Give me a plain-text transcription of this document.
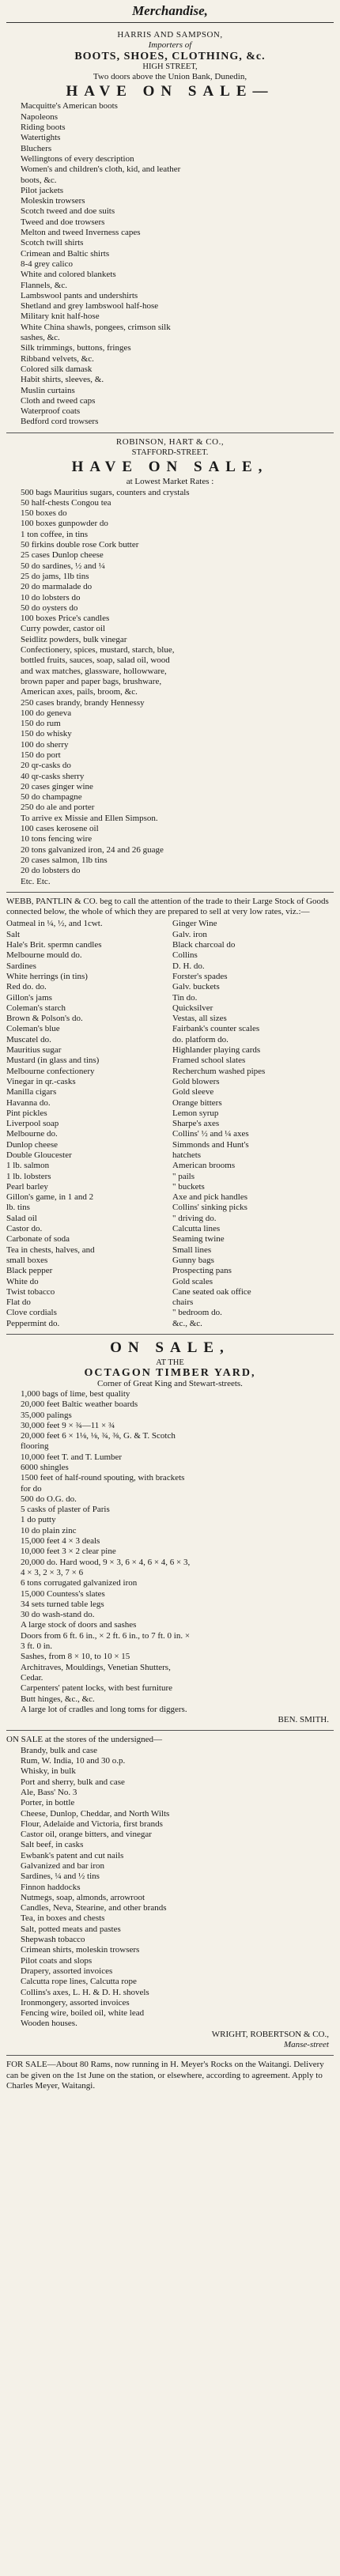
Merchandise,
HARRIS AND SAMPSON,
Importers of
BOOTS, SHOES, CLOTHING, &c.
HIGH STREET,
Two doors above the Union Bank, Dunedin,
HAVE ON SALE—
Macquitte's American boots
Napoleons
Riding boots
Watertights
Bluchers
Wellingtons of every description
Women's and children's cloth, kid, and leather
boots, &c.
Pilot jackets
Moleskin trowsers
Scotch tweed and doe suits
Tweed and doe trowsers
Melton and tweed Inverness capes
Scotch twill shirts
Crimean and Baltic shirts
8-4 grey calico
White and colored blankets
Flannels, &c.
Lambswool pants and undershirts
Shetland and grey lambswool half-hose
Military knit half-hose
White China shawls, pongees, crimson silk
sashes, &c.
Silk trimmings, buttons, fringes
Ribband velvets, &c.
Colored silk damask
Habit shirts, sleeves, &.
Muslin curtains
Cloth and tweed caps
Waterproof coats
Bedford cord trowsers
ROBINSON, HART & CO.,
STAFFORD-STREET.
HAVE ON SALE,
at Lowest Market Rates :
500 bags Mauritius sugars, counters and crystals
50 half-chests Congou tea
150 boxes do
100 boxes gunpowder do
1 ton coffee, in tins
50 firkins double rose Cork butter
25 cases Dunlop cheese
50 do sardines, ½ and ¼
25 do jams, 1lb tins
20 do marmalade do
10 do lobsters do
50 do oysters do
100 boxes Price's candles
Curry powder, castor oil
Seidlitz powders, bulk vinegar
Confectionery, spices, mustard, starch, blue,
bottled fruits, sauces, soap, salad oil, wood
and wax matches, glassware, hollowware,
brown paper and paper bags, brushware,
American axes, pails, broom, &c.
250 cases brandy, brandy Hennessy
100 do geneva
150 do rum
150 do whisky
100 do sherry
150 do port
20 qr-casks do
40 qr-casks sherry
20 cases ginger wine
50 do champagne
250 do ale and porter
To arrive ex Missie and Ellen Simpson.
100 cases kerosene oil
10 tons fencing wire
20 tons galvanized iron, 24 and 26 guage
20 cases salmon, 1lb tins
20 do lobsters do
Etc. Etc.

WEBB, PANTLIN & CO. beg to call the attention of the trade to their Large Stock of Goods connected below, the whole of which they are prepared to sell at very low rates, viz.:—

Oatmeal in ¼, ½, and 1cwt.	Ginger Wine
Salt	Galv. iron
Hale's Brit. spermn candles	Black charcoal do
Melbourne mould do.	Collins
Sardines	D. H. do.
White herrings (in tins)	Forster's spades
Red do. do.	Galv. buckets
Gillon's jams	Tin do.
Coleman's starch	Quicksilver
Brown & Polson's do.	Vestas, all sizes
Coleman's blue	Fairbank's counter scales
Muscatel do.	do. platform do.
Mauritius sugar	Highlander playing cards
Mustard (in glass and tins)	Framed school slates
Melbourne confectionery	Recherchum washed pipes
Vinegar in qr.-casks	Gold blowers
Manilla cigars	Gold sleeve
Havanna do.	Orange bitters
Pint pickles	Lemon syrup
Liverpool soap	Sharpe's axes
Melbourne do.	Collins' ½ and ¼ axes
Dunlop cheese	Simmonds and Hunt's
Double Gloucester	hatchets
1 lb. salmon	American brooms
1 lb. lobsters	" pails
Pearl barley	" buckets
Gillon's game, in 1 and 2	Axe and pick handles
lb. tins	Collins' sinking picks
Salad oil	" driving do.
Castor do.	Calcutta lines
Carbonate of soda	Seaming twine
Tea in chests, halves, and	Small lines
small boxes	Gunny bags
Black pepper	Prospecting pans
White do	Gold scales
Twist tobacco	Cane seated oak office
Flat do	chairs
Clove cordials	" bedroom do.
Peppermint do.	&c., &c.
ON SALE,
AT THE
OCTAGON TIMBER YARD,
Corner of Great King and Stewart-streets.
1,000 bags of lime, best quality
20,000 feet Baltic weather boards
35,000 palings
30,000 feet 9 × ¾—11 × ¾
20,000 feet 6 × 1⅛, ⅛, ¾, ⅜, G. & T. Scotch
flooring
10,000 feet T. and T. Lumber
6000 shingles
1500 feet of half-round spouting, with brackets
for do
500 do O.G. do.
5 casks of plaster of Paris
1 do putty
10 do plain zinc
15,000 feet 4 × 3 deals
10,000 feet 3 × 2 clear pine
20,000 do. Hard wood, 9 × 3, 6 × 4, 6 × 4, 6 × 3,
4 × 3, 2 × 3, 7 × 6
6 tons corrugated galvanized iron
15,000 Countess's slates
34 sets turned table legs
30 do wash-stand do.
A large stock of doors and sashes
Doors from 6 ft. 6 in., × 2 ft. 6 in., to 7 ft. 0 in. ×
3 ft. 0 in.
Sashes, from 8 × 10, to 10 × 15
Architraves, Mouldings, Venetian Shutters,
Cedar.
Carpenters' patent locks, with best furniture
Butt hinges, &c., &c.
A large lot of cradles and long toms for diggers.
BEN. SMITH.

ON SALE at the stores of the undersigned—

Brandy, bulk and case
Rum, W. India, 10 and 30 o.p.
Whisky, in bulk
Port and sherry, bulk and case
Ale, Bass' No. 3
Porter, in bottle
Cheese, Dunlop, Cheddar, and North Wilts
Flour, Adelaide and Victoria, first brands
Castor oil, orange bitters, and vinegar
Salt beef, in casks
Ewbank's patent and cut nails
Galvanized and bar iron
Sardines, ¼ and ½ tins
Finnon haddocks
Nutmegs, soap, almonds, arrowroot
Candles, Neva, Stearine, and other brands
Tea, in boxes and chests
Salt, potted meats and pastes
Shepwash tobacco
Crimean shirts, moleskin trowsers
Pilot coats and slops
Drapery, assorted invoices
Calcutta rope lines, Calcutta rope
Collins's axes, L. H. & D. H. shovels
Ironmongery, assorted invoices
Fencing wire, boiled oil, white lead
Wooden houses.
WRIGHT, ROBERTSON & CO.,
Manse-street

FOR SALE—About 80 Rams, now running in H. Meyer's Rocks on the Waitangi. Delivery can be given on the 1st June on the station, or elsewhere, according to agreement. Apply to Charles Meyer, Waitangi.
